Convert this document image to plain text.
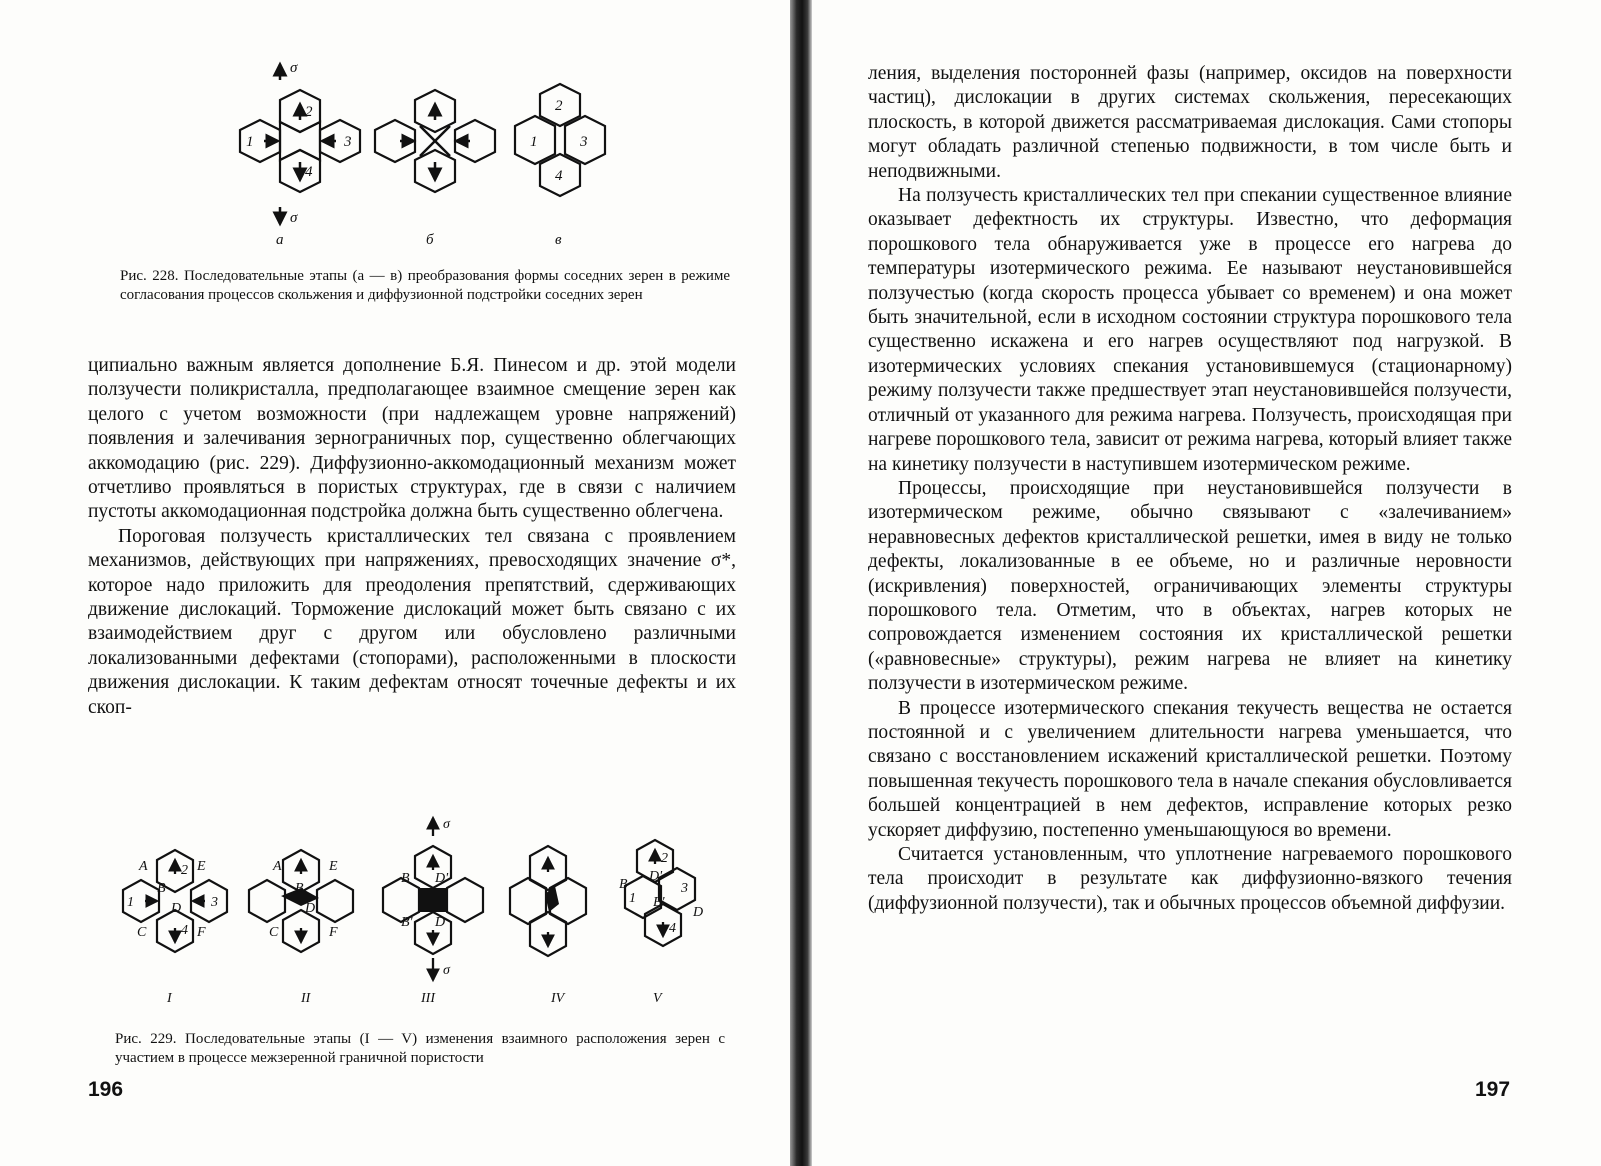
σ
σ
2
1	3
4
2
1	3
4
а	б	в
Рис. 228. Последовательные этапы (а — в) преобразования формы соседних зерен в режиме согласования процессов скольжения и диффузионной подстройки соседних зерен

ципиально важным является дополнение Б.Я. Пинесом и др. этой модели ползучести поликристалла, предполагающее взаимное смещение зерен как целого с учетом возможности (при надлежащем уровне напряжений) появления и залечивания зернограничных пор, существенно облегчающих аккомодацию (рис. 229). Диффузионно-аккомодационный механизм может отчетливо проявляться в пористых структурах, где в связи с наличием пустоты аккомодационная подстройка должна быть существенно облегчена.

Пороговая ползучесть кристаллических тел связана с проявлением механизмов, действующих при напряжениях, превосходящих значение σ*, которое надо приложить для преодоления препятствий, сдерживающих движение дислокаций. Торможение дислокаций может быть связано с их взаимодействием друг с другом или обусловлено различными локализованными дефектами (стопорами), расположенными в плоскости движения дислокации. К таким дефектам относят точечные дефекты и их скоп-

σ
σ
A
B
C
D
E
F
1
2
3
4
A
B
C
D
E
F
B D'
B' D
B
D'
B'
D
2
1
3
4
I	II	III	IV	V
Рис. 229. Последовательные этапы (I — V) изменения взаимного расположения зерен с участием в процессе межзеренной граничной пористости
196

ления, выделения посторонней фазы (например, оксидов на поверхности частиц), дислокации в других системах скольжения, пересекающих плоскость, в которой движется рассматриваемая дислокация. Сами стопоры могут обладать различной степенью подвижности, в том числе быть и неподвижными.

На ползучесть кристаллических тел при спекании существенное влияние оказывает дефектность их структуры. Известно, что деформация порошкового тела обнаруживается уже в процессе его нагрева до температуры изотермического режима. Ее называют неустановившейся ползучестью (когда скорость процесса убывает со временем) и она может быть значительной, если в исходном состоянии структура порошкового тела существенно искажена и его нагрев осуществляют под нагрузкой. В изотермических условиях спекания установившемуся (стационарному) режиму ползучести также предшествует этап неустановившейся ползучести, отличный от указанного для режима нагрева. Ползучесть, происходящая при нагреве порошкового тела, зависит от режима нагрева, который влияет также на кинетику ползучести в наступившем изотермическом режиме.

Процессы, происходящие при неустановившейся ползучести в изотермическом режиме, обычно связывают с «залечиванием» неравновесных дефектов кристаллической решетки, имея в виду не только дефекты, локализованные в ее объеме, но и различные неровности (искривления) поверхностей, ограничивающих элементы структуры порошкового тела. Отметим, что в объектах, нагрев которых не сопровождается изменением состояния их кристаллической решетки («равновесные» структуры), режим нагрева не влияет на кинетику ползучести в изотермическом режиме.

В процессе изотермического спекания текучесть вещества не остается постоянной и с увеличением длительности нагрева уменьшается, что связано с восстановлением искажений кристаллической решетки. Поэтому повышенная текучесть порошкового тела в начале спекания обусловливается большей концентрацией в нем дефектов, исправление которых резко ускоряет диффузию, постепенно уменьшающуюся во времени.

Считается установленным, что уплотнение нагреваемого порошкового тела происходит в результате как диффузионно-вязкого течения (диффузионной ползучести), так и обычных процессов объемной диффузии.

197
